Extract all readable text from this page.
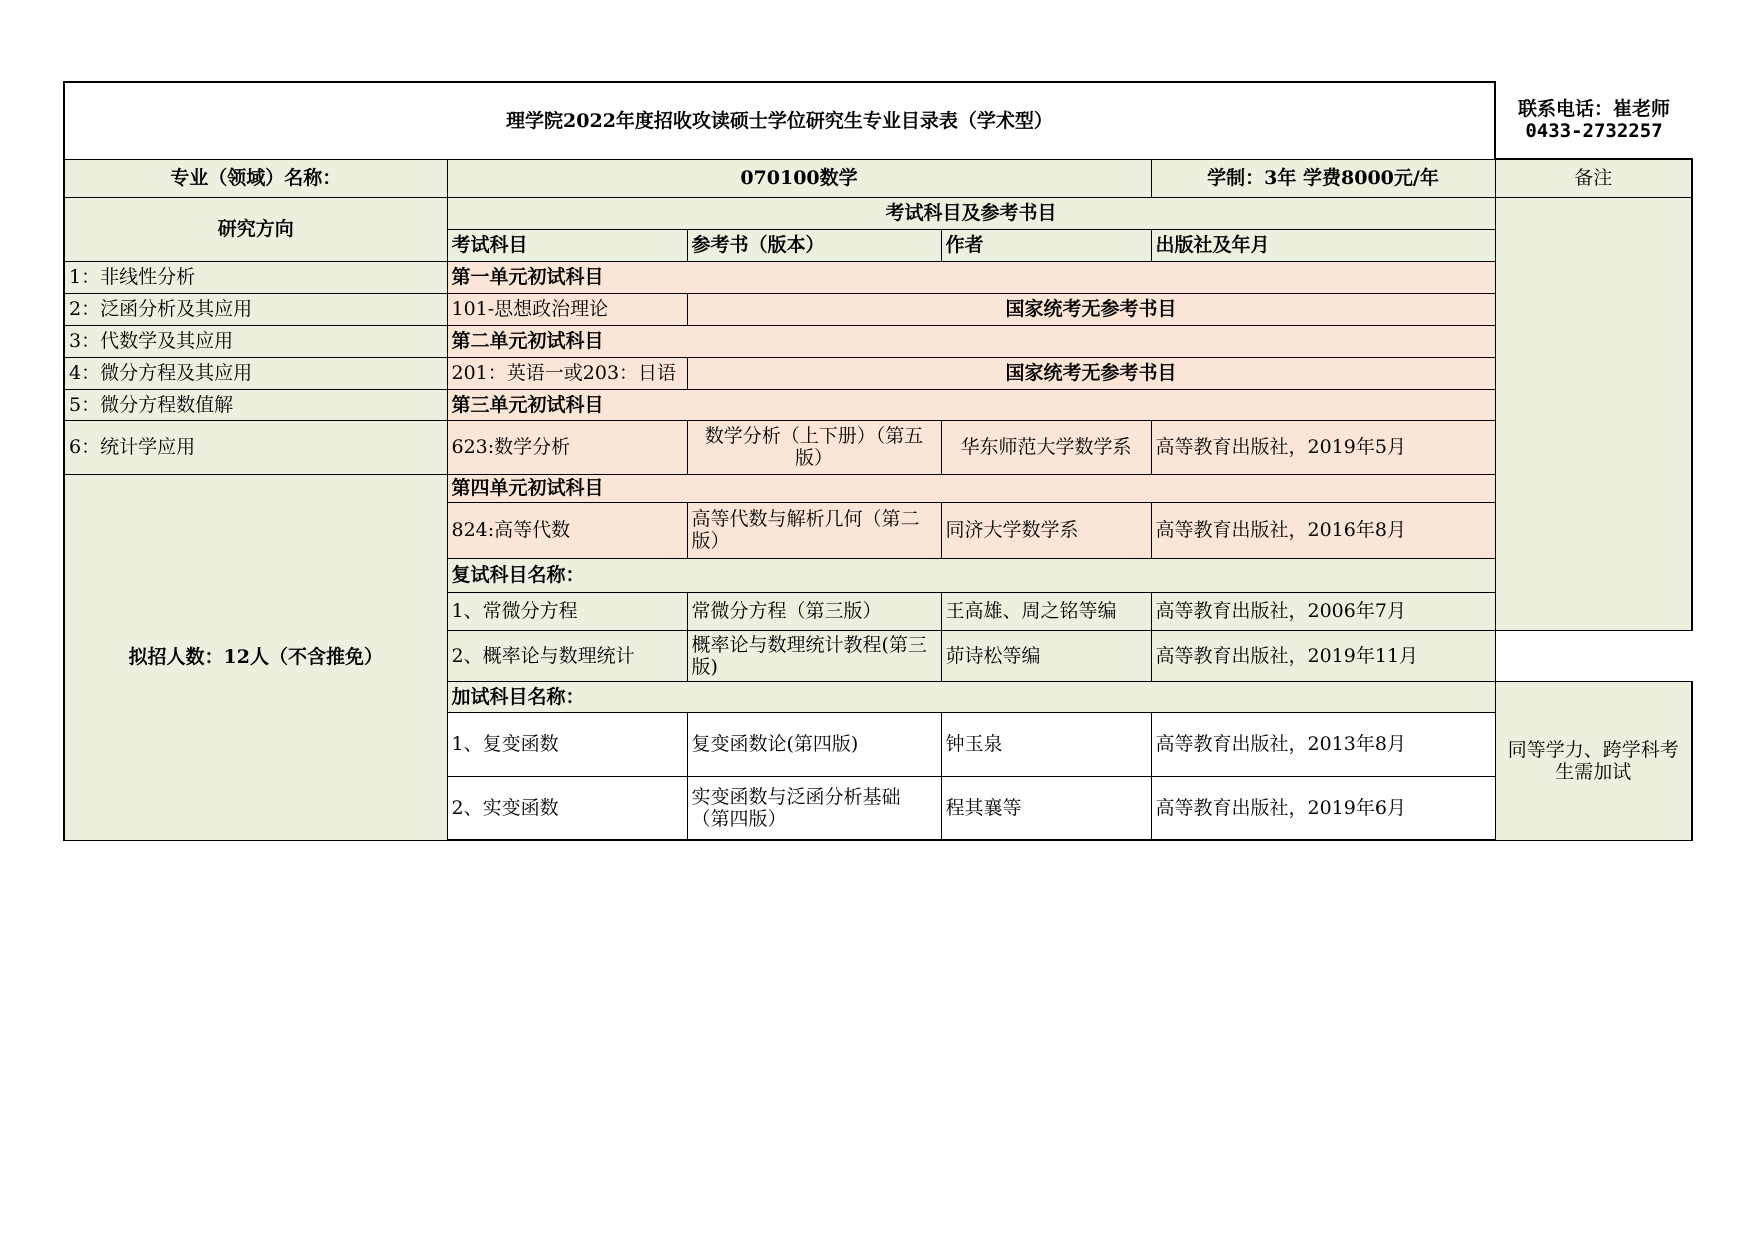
理学院2022年度招收攻读硕士学位研究生专业目录表（学术型）					联系电话：崔老师
0433-2732257

专业（领域）名称：	070100数学			学制：3年 学费8000元/年	备注
研究方向	考试科目及参考书目				
	考试科目	参考书（版本）	作者	出版社及年月	
1：非线性分析	第一单元初试科目				
2：泛函分析及其应用	101-思想政治理论	国家统考无参考书目			
3：代数学及其应用	第二单元初试科目				
4：微分方程及其应用	201：英语一或203：日语	国家统考无参考书目			
5：微分方程数值解	第三单元初试科目				
6：统计学应用	623:数学分析	数学分析（上下册）（第五版）	华东师范大学数学系	高等教育出版社，2019年5月	
拟招人数：12人（不含推免）	第四单元初试科目				
	824:高等代数	高等代数与解析几何（第二版）	同济大学数学系	高等教育出版社，2016年8月	
	复试科目名称：				
	1、常微分方程	常微分方程（第三版）	王高雄、周之铭等编	高等教育出版社，2006年7月	
	2、概率论与数理统计	概率论与数理统计教程(第三版)	茆诗松等编	高等教育出版社，2019年11月	
	加试科目名称：				同等学力、跨学科考生需加试
	1、复变函数	复变函数论(第四版)	钟玉泉	高等教育出版社，2013年8月	
	2、实变函数	实变函数与泛函分析基础（第四版）	程其襄等	高等教育出版社，2019年6月	
